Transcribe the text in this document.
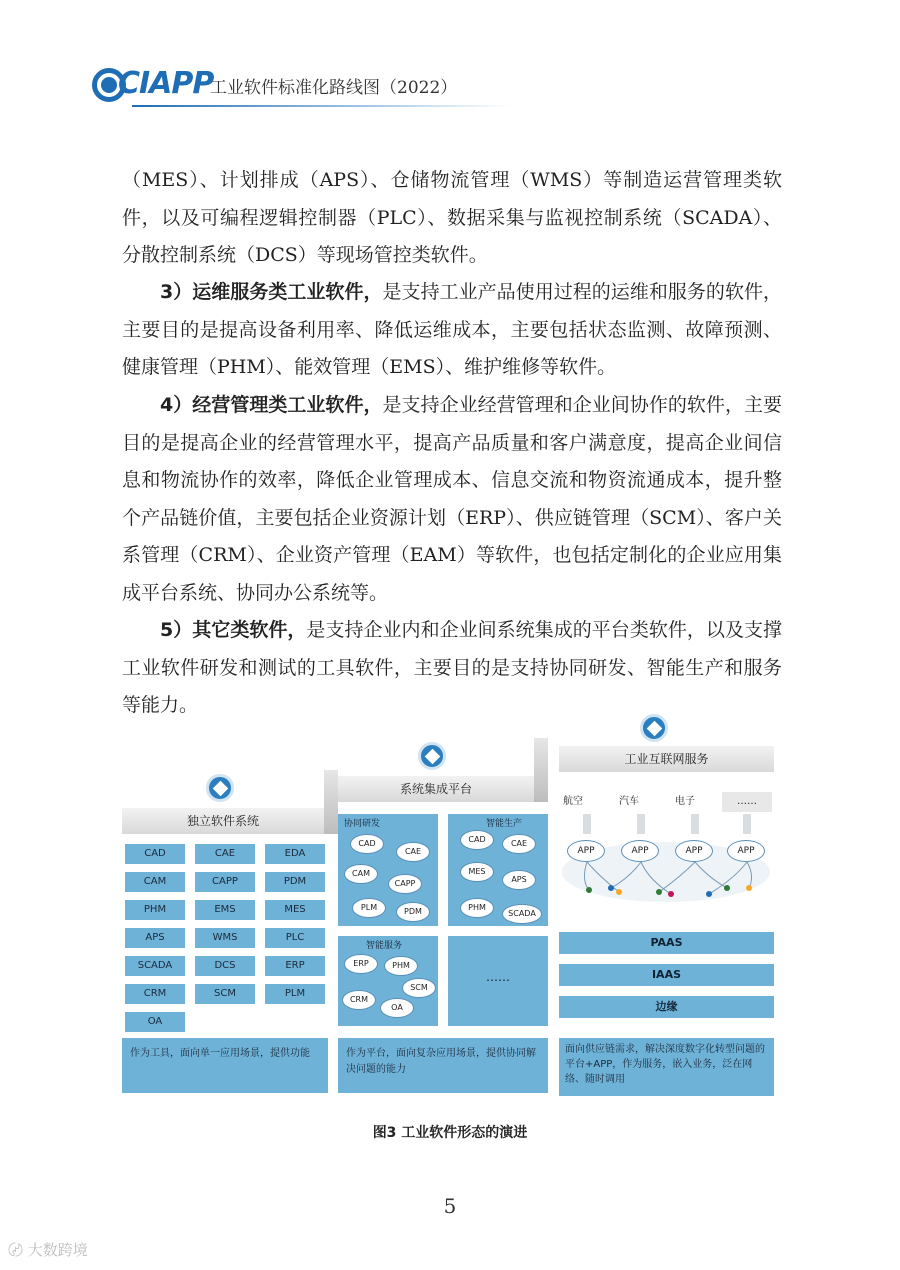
CIAPP
工业软件标准化路线图（2022）
（MES）、计划排成（APS）、仓储物流管理（WMS）等制造运营管理类软件，以及可编程逻辑控制器（PLC）、数据采集与监视控制系统（SCADA）、分散控制系统（DCS）等现场管控类软件。
3）运维服务类工业软件，是支持工业产品使用过程的运维和服务的软件，主要目的是提高设备利用率、降低运维成本，主要包括状态监测、故障预测、健康管理（PHM）、能效管理（EMS）、维护维修等软件。
4）经营管理类工业软件，是支持企业经营管理和企业间协作的软件，主要目的是提高企业的经营管理水平，提高产品质量和客户满意度，提高企业间信息和物流协作的效率，降低企业管理成本、信息交流和物资流通成本，提升整个产品链价值，主要包括企业资源计划（ERP）、供应链管理（SCM）、客户关系管理（CRM）、企业资产管理（EAM）等软件，也包括定制化的企业应用集成平台系统、协同办公系统等。
5）其它类软件，是支持企业内和企业间系统集成的平台类软件，以及支撑工业软件研发和测试的工具软件，主要目的是支持协同研发、智能生产和服务等能力。
独立软件系统
CAD	CAE	EDA
CAM	CAPP	PDM
PHM	EMS	MES
APS	WMS	PLC
SCADA	DCS	ERP
CRM	SCM	PLM
OA
作为工具，面向单一应用场景，提供功能
系统集成平台
协同研发
CAD
CAE
CAM
CAPP
PLM	PDM
智能生产
CAD	CAE
MES
APS
PHM
SCADA
智能服务
ERP	PHM
SCM
CRM
OA
……
作为平台，面向复杂应用场景，提供协同解决问题的能力
工业互联网服务
航空	汽车	电子	……
APP	APP	APP	APP
PAAS
IAAS
边缘
面向供应链需求，解决深度数字化转型问题的平台+APP，作为服务，嵌入业务，泛在网络、随时调用
图3 工业软件形态的演进
5
〄 大数跨境
